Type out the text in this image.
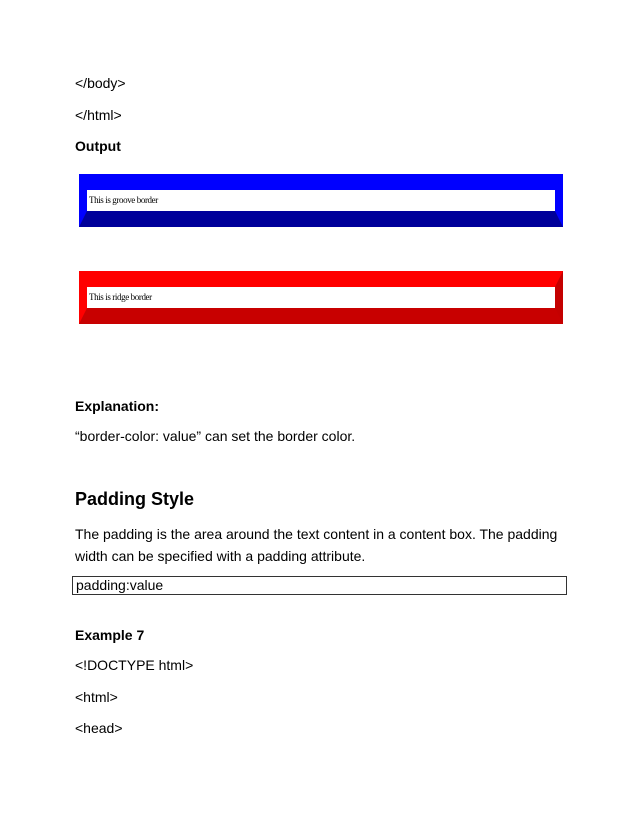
</body>
</html>
Output
This is groove border
This is ridge border
Explanation:
“border-color: value” can set the border color.
Padding Style
The padding is the area around the text content in a content box. The padding width can be specified with a padding attribute.
padding:value
Example 7
<!DOCTYPE html>
<html>
<head>
